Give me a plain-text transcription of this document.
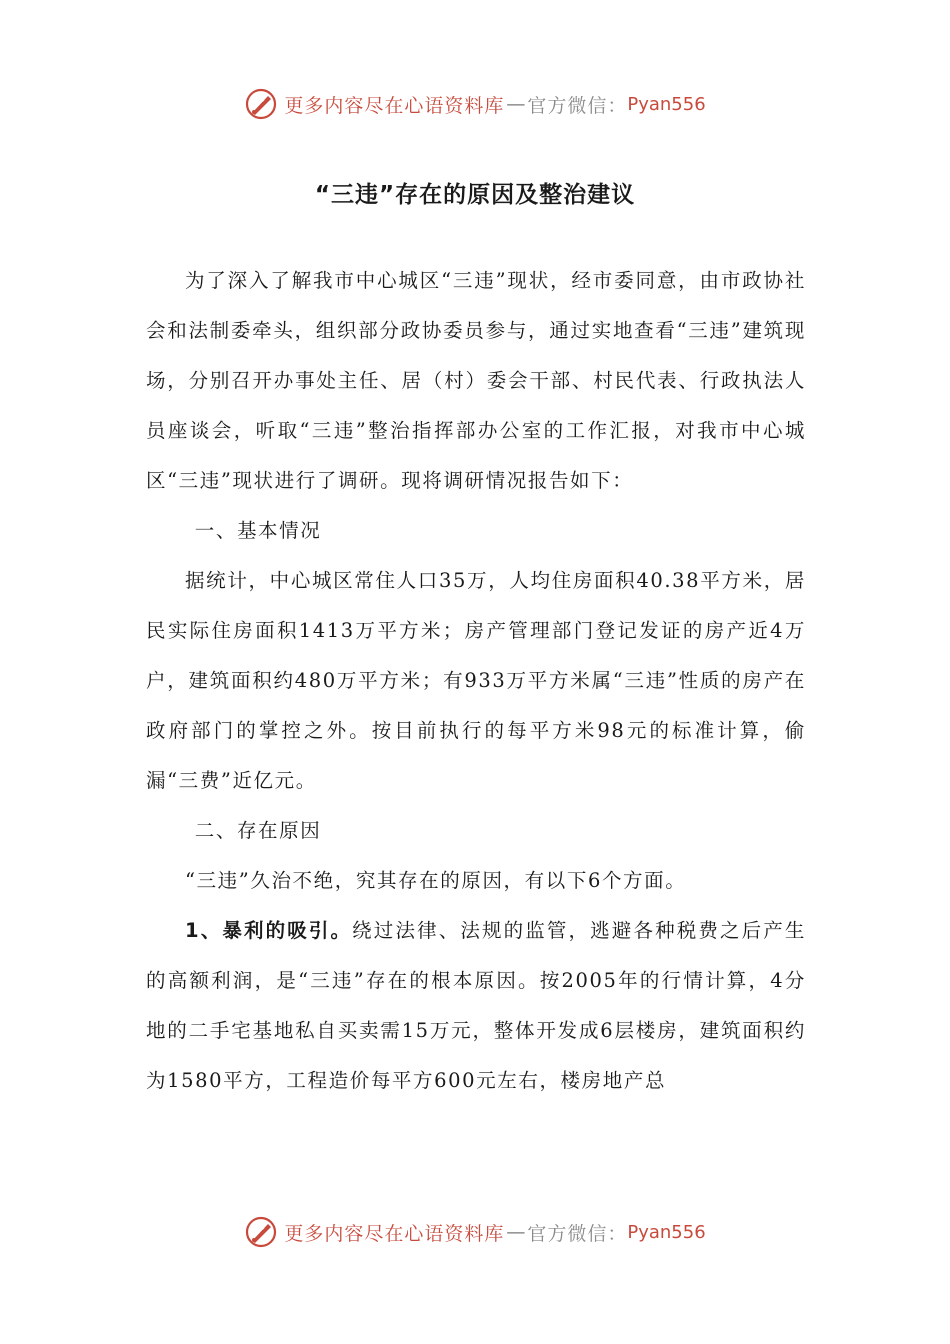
更多内容尽在心语资料库 — 官方微信： Pyan556
“三违”存在的原因及整治建议

为了深入了解我市中心城区“三违”现状，经市委同意，由市政协社会和法制委牵头，组织部分政协委员参与，通过实地查看“三违”建筑现场，分别召开办事处主任、居（村）委会干部、村民代表、行政执法人员座谈会，听取“三违”整治指挥部办公室的工作汇报，对我市中心城区“三违”现状进行了调研。现将调研情况报告如下：

一、基本情况

据统计，中心城区常住人口35万，人均住房面积40.38平方米，居民实际住房面积1413万平方米；房产管理部门登记发证的房产近4万户，建筑面积约480万平方米；有933万平方米属“三违”性质的房产在政府部门的掌控之外。按目前执行的每平方米98元的标准计算，偷漏“三费”近亿元。

二、存在原因

“三违”久治不绝，究其存在的原因，有以下6个方面。

1、暴利的吸引。绕过法律、法规的监管，逃避各种税费之后产生的高额利润，是“三违”存在的根本原因。按2005年的行情计算，4分地的二手宅基地私自买卖需15万元，整体开发成6层楼房，建筑面积约为1580平方，工程造价每平方600元左右，楼房地产总

更多内容尽在心语资料库 — 官方微信： Pyan556
